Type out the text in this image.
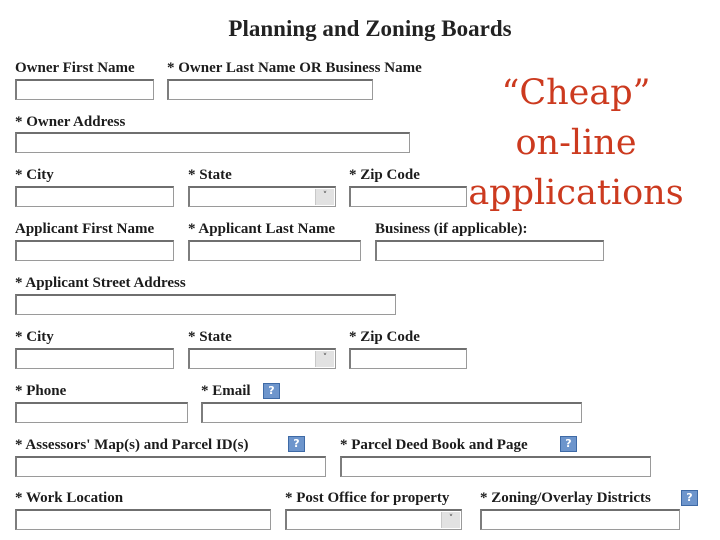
Planning and Zoning Boards
“Cheap”
on-line
applications
Owner First Name * Owner Last Name OR Business Name
* Owner Address
* City	* State	* Zip Code
˅
Applicant First Name * Applicant Last Name	Business (if applicable):
* Applicant Street Address
* City	* State	* Zip Code
˅
* Phone	* Email	?
* Assessors' Map(s) and Parcel ID(s)	?	* Parcel Deed Book and Page	?
* Work Location	* Post Office for property * Zoning/Overlay Districts	?
˅
